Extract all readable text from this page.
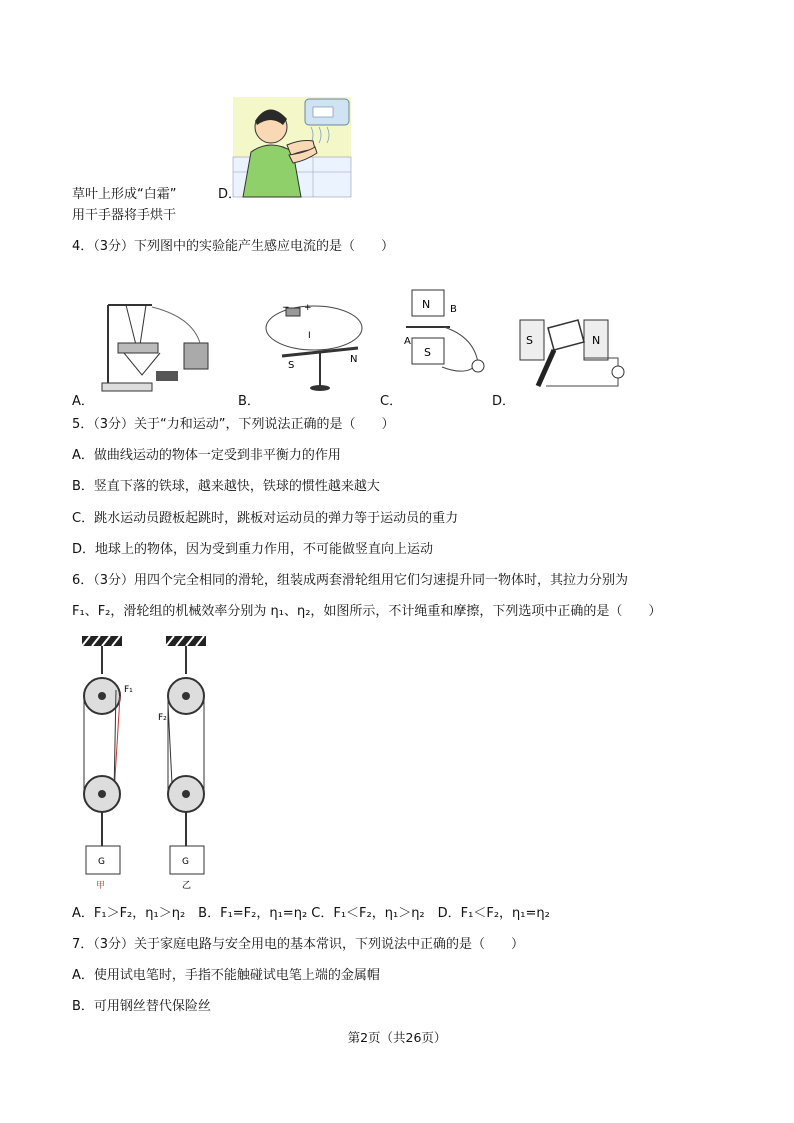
草叶上形成“白霜”	D．
用干手器将手烘干
4．（3分）下列图中的实验能产生感应电流的是（　　）
A．
− +
I
S
N
B．
N
S
A
B
C．
S	N
D．
5．（3分）关于“力和运动”，下列说法正确的是（　　）
A．做曲线运动的物体一定受到非平衡力的作用
B．竖直下落的铁球，越来越快，铁球的惯性越来越大
C．跳水运动员蹬板起跳时，跳板对运动员的弹力等于运动员的重力
D．地球上的物体，因为受到重力作用，不可能做竖直向上运动
6．（3分）用四个完全相同的滑轮，组装成两套滑轮组用它们匀速提升同一物体时，其拉力分别为
F₁、F₂，滑轮组的机械效率分别为 η₁、η₂，如图所示，不计绳重和摩擦，下列选项中正确的是（　　）
G
F₁
甲
G
F₂
乙
A．F₁＞F₂，η₁＞η₂　B．F₁=F₂，η₁=η₂ C．F₁＜F₂，η₁＞η₂　D．F₁＜F₂，η₁=η₂
7．（3分）关于家庭电路与安全用电的基本常识，下列说法中正确的是（　　）
A．使用试电笔时，手指不能触碰试电笔上端的金属帽
B．可用钢丝替代保险丝
第2页（共26页）
